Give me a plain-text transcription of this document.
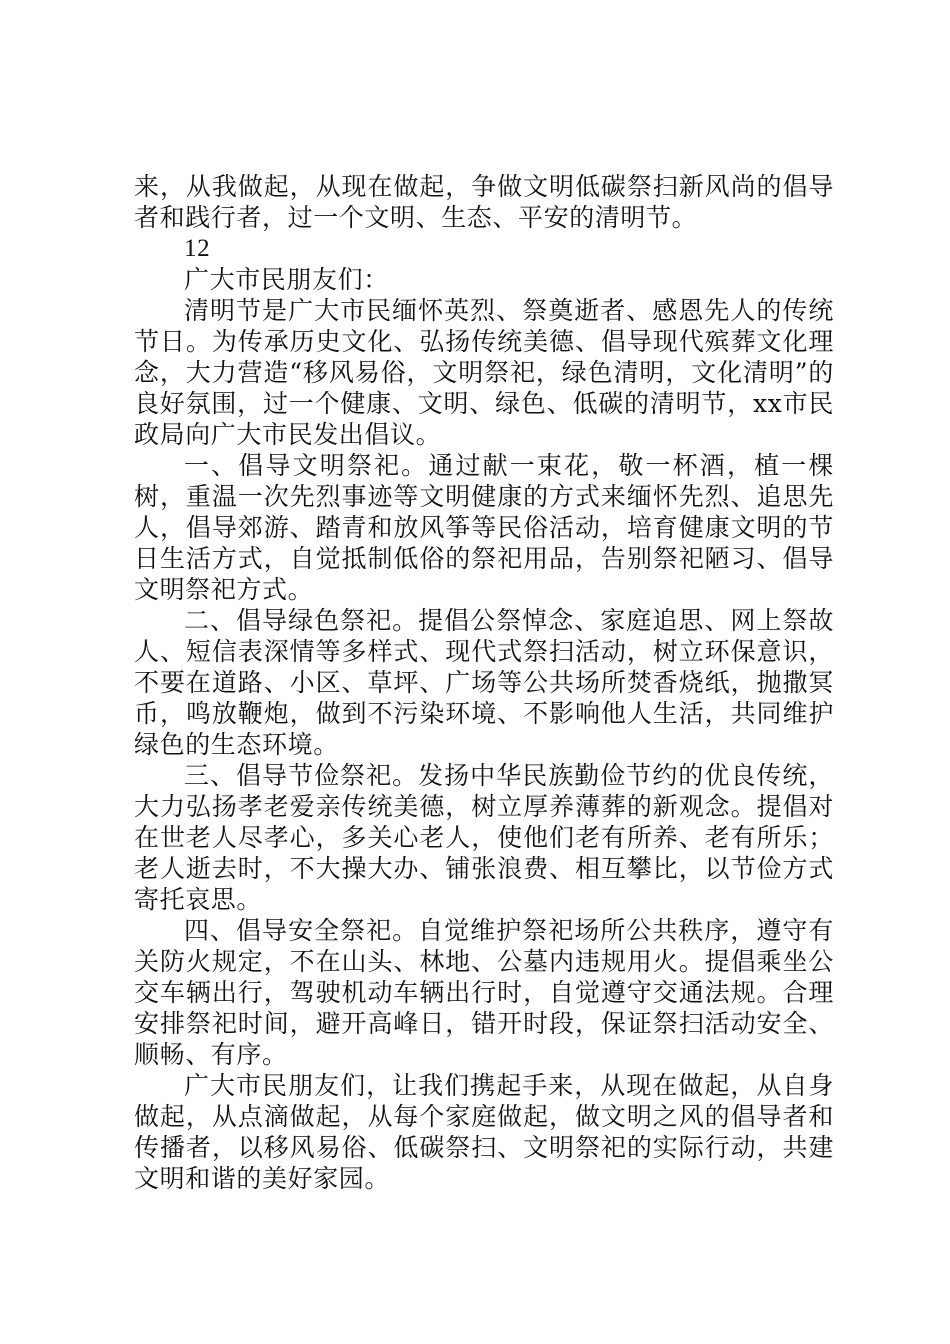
来，从我做起，从现在做起，争做文明低碳祭扫新风尚的倡导者和践行者，过一个文明、生态、平安的清明节。

12

广大市民朋友们：

清明节是广大市民缅怀英烈、祭奠逝者、感恩先人的传统节日。为传承历史文化、弘扬传统美德、倡导现代殡葬文化理念，大力营造“移风易俗，文明祭祀，绿色清明，文化清明”的良好氛围，过一个健康、文明、绿色、低碳的清明节，xx市民政局向广大市民发出倡议。

一、倡导文明祭祀。通过献一束花，敬一杯酒，植一棵树，重温一次先烈事迹等文明健康的方式来缅怀先烈、追思先人，倡导郊游、踏青和放风筝等民俗活动，培育健康文明的节日生活方式，自觉抵制低俗的祭祀用品，告别祭祀陋习、倡导文明祭祀方式。

二、倡导绿色祭祀。提倡公祭悼念、家庭追思、网上祭故人、短信表深情等多样式、现代式祭扫活动，树立环保意识，不要在道路、小区、草坪、广场等公共场所焚香烧纸，抛撒冥币，鸣放鞭炮，做到不污染环境、不影响他人生活，共同维护绿色的生态环境。

三、倡导节俭祭祀。发扬中华民族勤俭节约的优良传统，大力弘扬孝老爱亲传统美德，树立厚养薄葬的新观念。提倡对在世老人尽孝心，多关心老人，使他们老有所养、老有所乐；老人逝去时，不大操大办、铺张浪费、相互攀比，以节俭方式寄托哀思。

四、倡导安全祭祀。自觉维护祭祀场所公共秩序，遵守有关防火规定，不在山头、林地、公墓内违规用火。提倡乘坐公交车辆出行，驾驶机动车辆出行时，自觉遵守交通法规。合理安排祭祀时间，避开高峰日，错开时段，保证祭扫活动安全、顺畅、有序。

广大市民朋友们，让我们携起手来，从现在做起，从自身做起，从点滴做起，从每个家庭做起，做文明之风的倡导者和传播者，以移风易俗、低碳祭扫、文明祭祀的实际行动，共建文明和谐的美好家园。
